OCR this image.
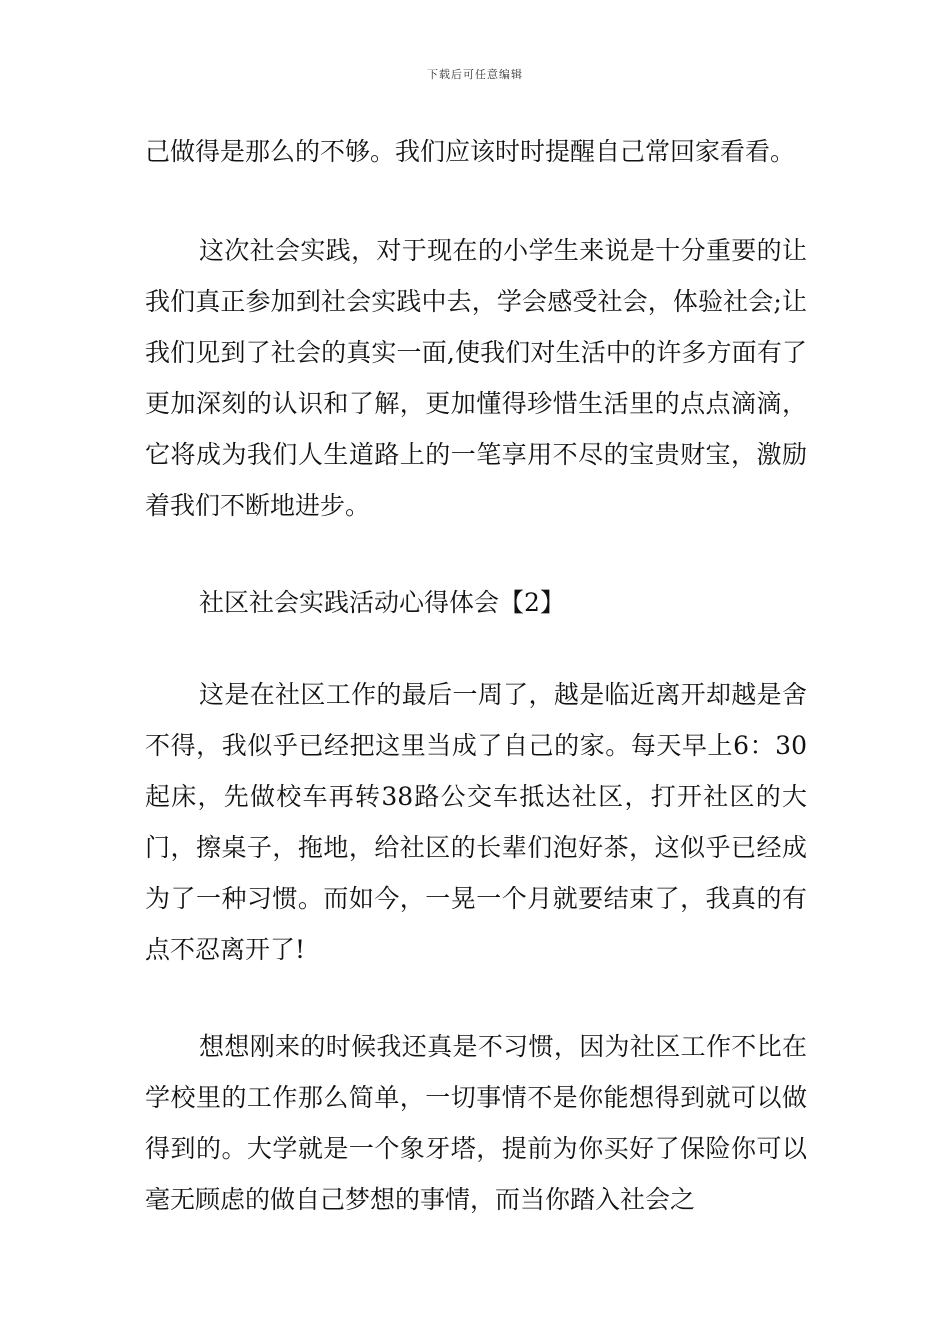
下载后可任意编辑

己做得是那么的不够。我们应该时时提醒自己常回家看看。

这次社会实践，对于现在的小学生来说是十分重要的让我们真正参加到社会实践中去，学会感受社会，体验社会;让我们见到了社会的真实一面,使我们对生活中的许多方面有了更加深刻的认识和了解，更加懂得珍惜生活里的点点滴滴，它将成为我们人生道路上的一笔享用不尽的宝贵财宝，激励着我们不断地进步。

社区社会实践活动心得体会【2】

这是在社区工作的最后一周了，越是临近离开却越是舍不得，我似乎已经把这里当成了自己的家。每天早上6：30起床，先做校车再转38路公交车抵达社区，打开社区的大门，擦桌子，拖地，给社区的长辈们泡好茶，这似乎已经成为了一种习惯。而如今，一晃一个月就要结束了，我真的有点不忍离开了!

想想刚来的时候我还真是不习惯，因为社区工作不比在学校里的工作那么简单，一切事情不是你能想得到就可以做得到的。大学就是一个象牙塔，提前为你买好了保险你可以毫无顾虑的做自己梦想的事情，而当你踏入社会之
